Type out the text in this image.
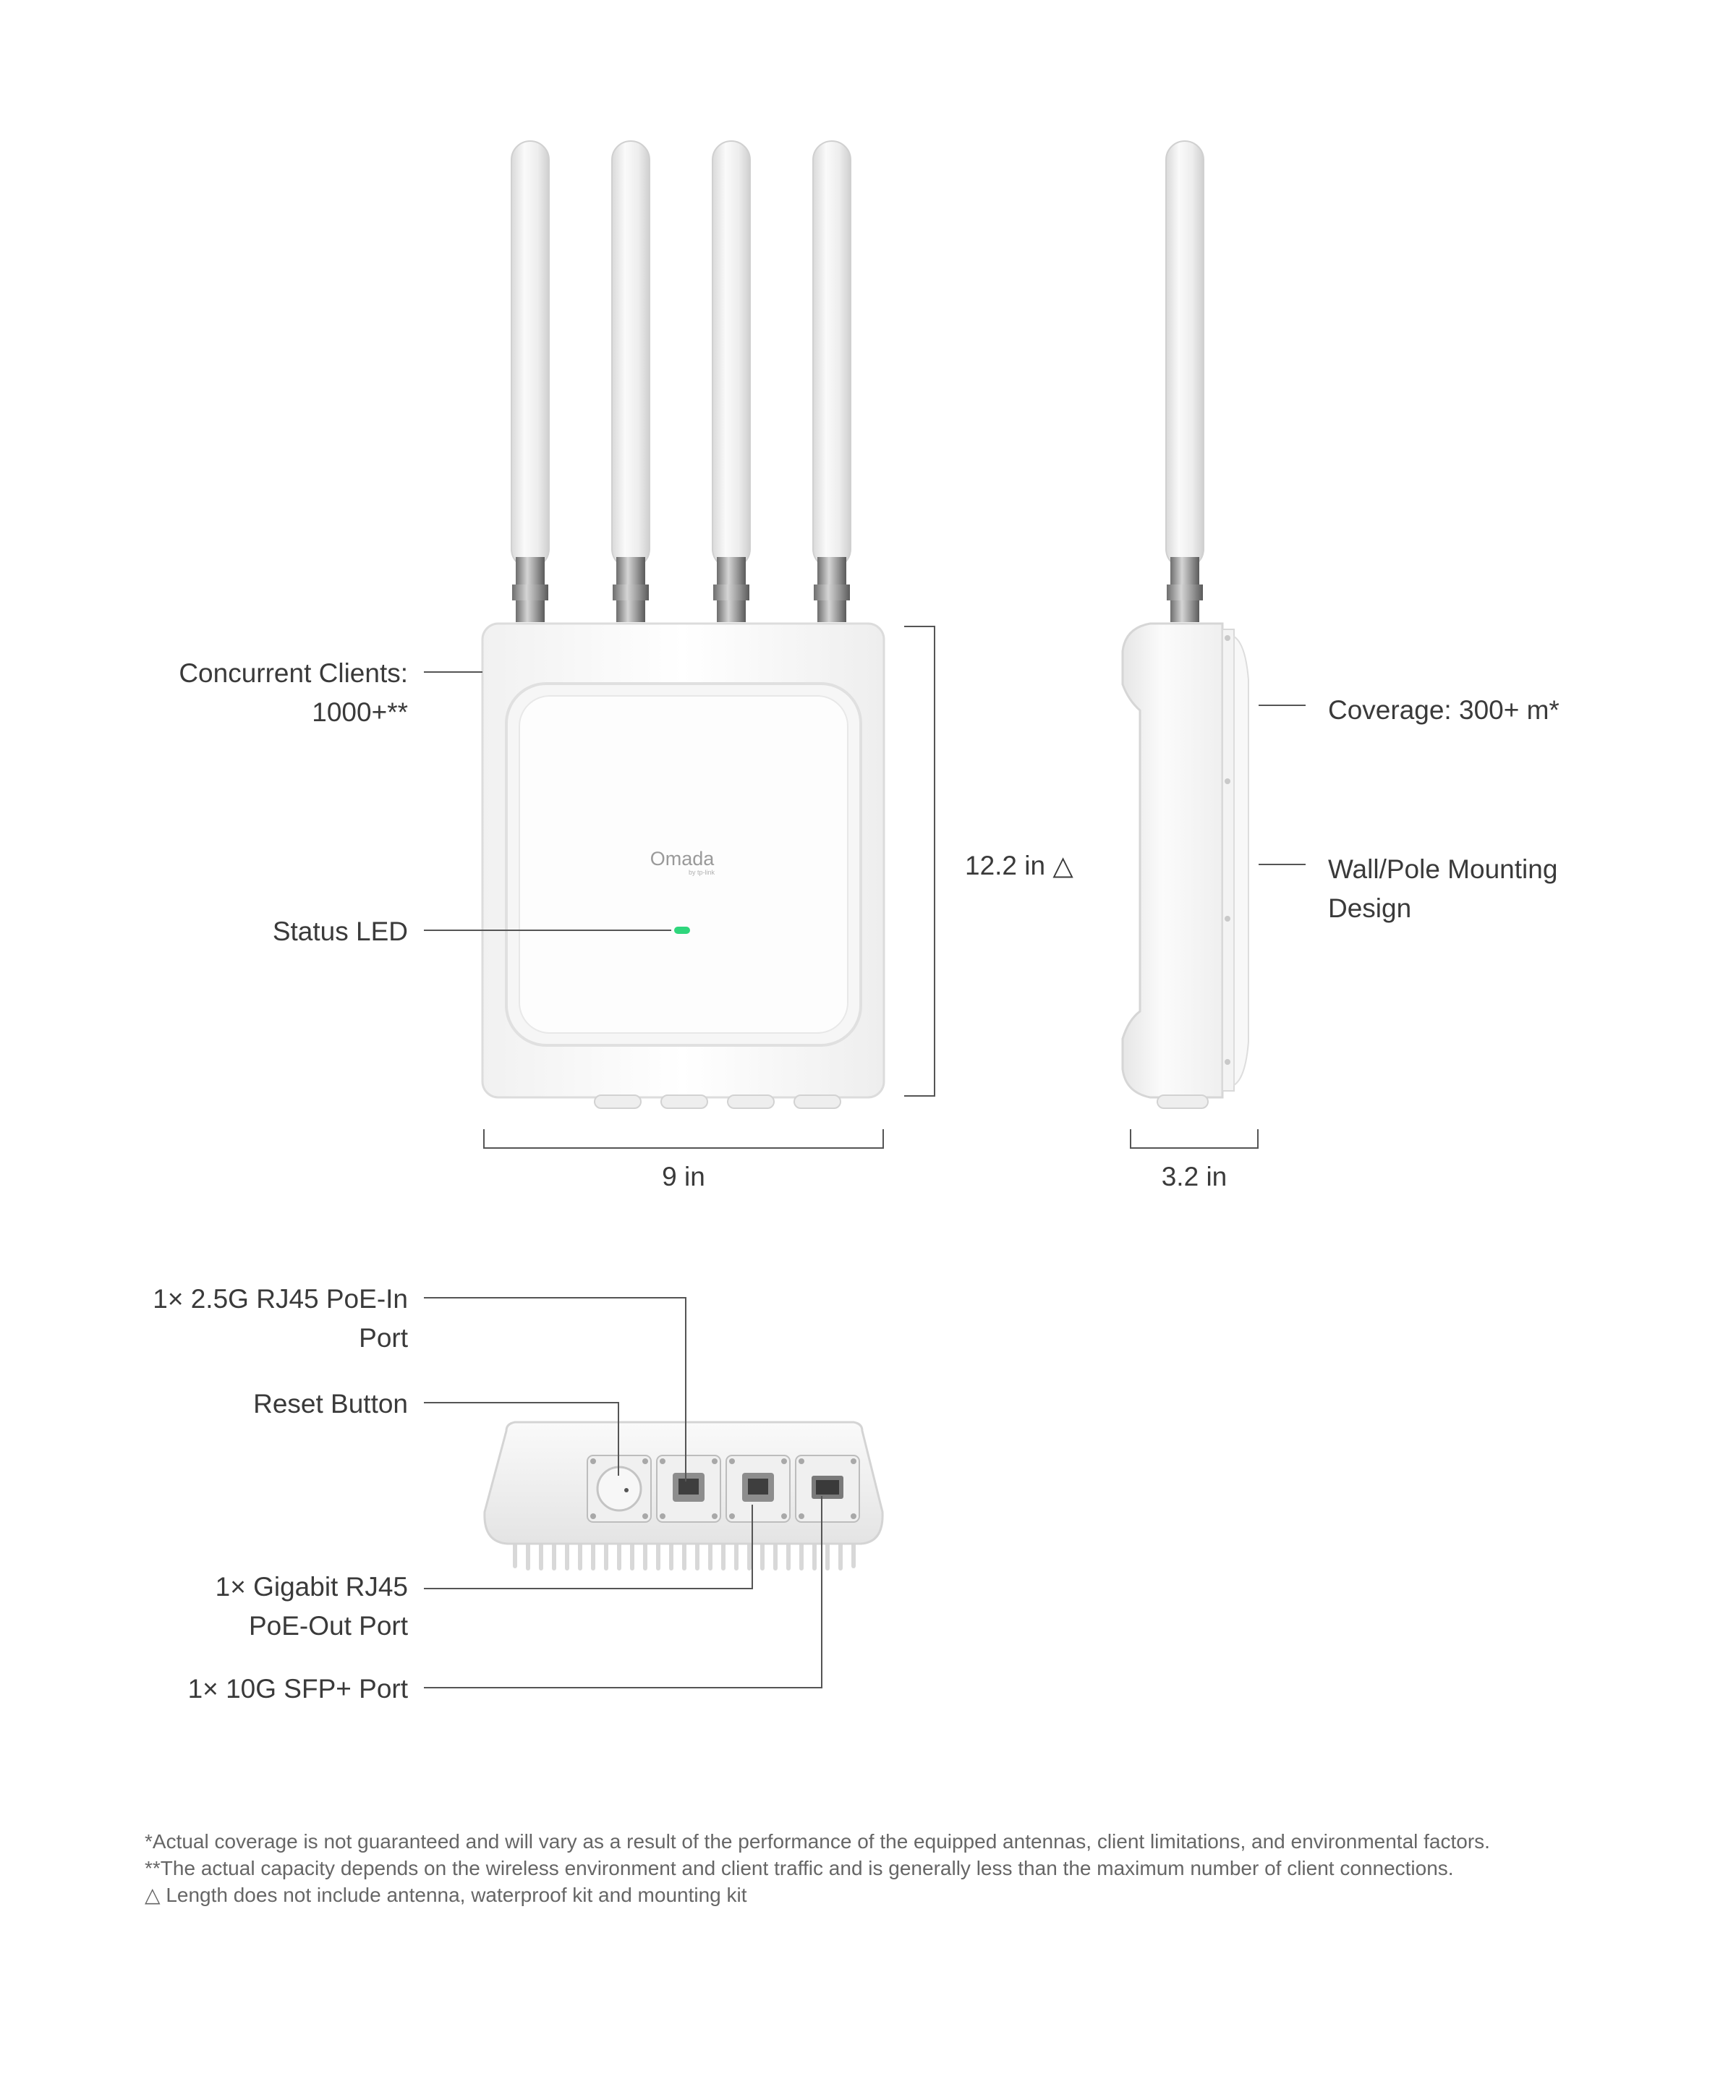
Omada
by tp-link
Concurrent Clients:
1000+**
Status LED
Coverage: 300+ m*
Wall/Pole Mounting
Design
12.2 in △
9 in	3.2 in
1× 2.5G RJ45 PoE-In
Port
Reset Button
1× Gigabit RJ45
PoE-Out Port
1× 10G SFP+ Port
*Actual coverage is not guaranteed and will vary as a result of the performance of the equipped antennas, client limitations, and environmental factors.
**The actual capacity depends on the wireless environment and client traffic and is generally less than the maximum number of client connections.
△ Length does not include antenna, waterproof kit and mounting kit
